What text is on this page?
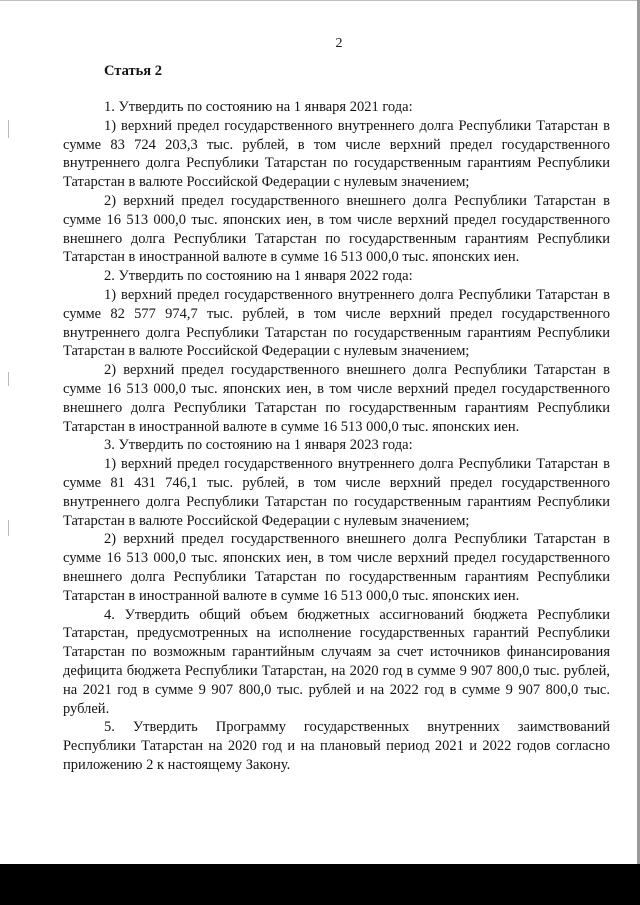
2
Статья 2

1. Утвердить по состоянию на 1 января 2021 года:

1) верхний предел государственного внутреннего долга Республики Татарстан в сумме 83 724 203,3 тыс. рублей, в том числе верхний предел государственного внутреннего долга Республики Татарстан по государственным гарантиям Республики Татарстан в валюте Российской Федерации с нулевым значением;

2) верхний предел государственного внешнего долга Республики Татарстан в сумме 16 513 000,0 тыс. японских иен, в том числе верхний предел государственного внешнего долга Республики Татарстан по государственным гарантиям Республики Татарстан в иностранной валюте в сумме 16 513 000,0 тыс. японских иен.

2. Утвердить по состоянию на 1 января 2022 года:

1) верхний предел государственного внутреннего долга Республики Татарстан в сумме 82 577 974,7 тыс. рублей, в том числе верхний предел государственного внутреннего долга Республики Татарстан по государственным гарантиям Республики Татарстан в валюте Российской Федерации с нулевым значением;

2) верхний предел государственного внешнего долга Республики Татарстан в сумме 16 513 000,0 тыс. японских иен, в том числе верхний предел государственного внешнего долга Республики Татарстан по государственным гарантиям Республики Татарстан в иностранной валюте в сумме 16 513 000,0 тыс. японских иен.

3. Утвердить по состоянию на 1 января 2023 года:

1) верхний предел государственного внутреннего долга Республики Татарстан в сумме 81 431 746,1 тыс. рублей, в том числе верхний предел государственного внутреннего долга Республики Татарстан по государственным гарантиям Республики Татарстан в валюте Российской Федерации с нулевым значением;

2) верхний предел государственного внешнего долга Республики Татарстан в сумме 16 513 000,0 тыс. японских иен, в том числе верхний предел государственного внешнего долга Республики Татарстан по государственным гарантиям Республики Татарстан в иностранной валюте в сумме 16 513 000,0 тыс. японских иен.

4. Утвердить общий объем бюджетных ассигнований бюджета Республики Татарстан, предусмотренных на исполнение государственных гарантий Республики Татарстан по возможным гарантийным случаям за счет источников финансирования дефицита бюджета Республики Татарстан, на 2020 год в сумме 9 907 800,0 тыс. рублей, на 2021 год в сумме 9 907 800,0 тыс. рублей и на 2022 год в сумме 9 907 800,0 тыс. рублей.

5. Утвердить Программу государственных внутренних заимствований Республики Татарстан на 2020 год и на плановый период 2021 и 2022 годов согласно приложению 2 к настоящему Закону.
